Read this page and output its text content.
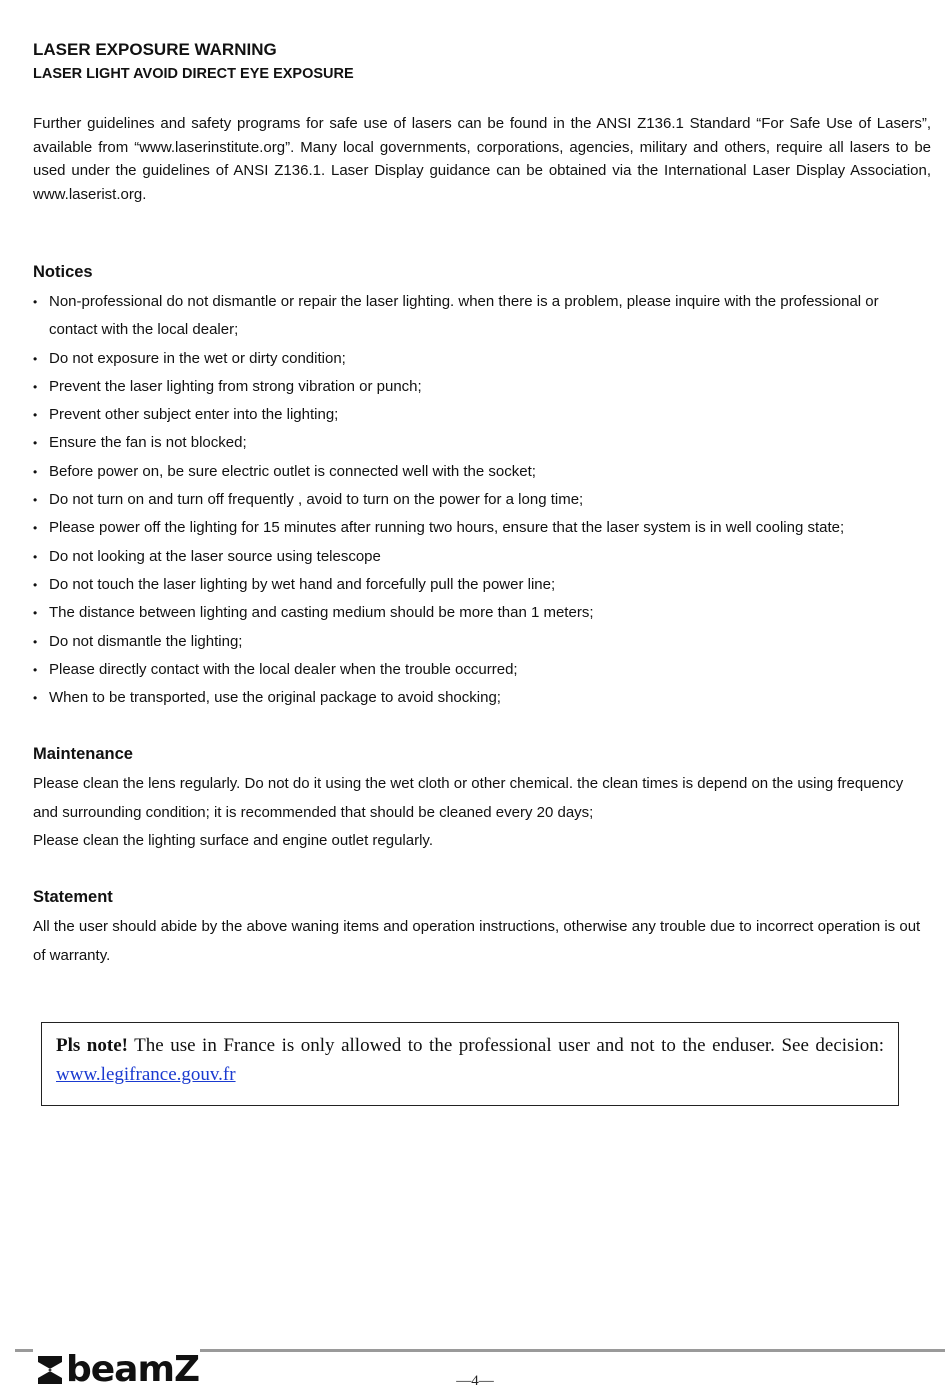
LASER EXPOSURE WARNING
LASER LIGHT AVOID DIRECT EYE EXPOSURE

Further guidelines and safety programs for safe use of lasers can be found in the ANSI Z136.1 Standard “For Safe Use of Lasers”, available from “www.laserinstitute.org”. Many local governments, corporations, agencies, military and others, require all lasers to be used under the guidelines of ANSI Z136.1. Laser Display guidance can be obtained via the International Laser Display Association, www.laserist.org.

Notices
• Non-professional do not dismantle or repair the laser lighting. when there is a problem, please inquire with the professional or contact with the local dealer;
• Do not exposure in the wet or dirty condition;
• Prevent the laser lighting from strong vibration or punch;
• Prevent other subject enter into the lighting;
• Ensure the fan is not blocked;
• Before power on, be sure electric outlet is connected well with the socket;
• Do not turn on and turn off frequently , avoid to turn on the power for a long time;
• Please power off the lighting for 15 minutes after running two hours, ensure that the laser system is in well cooling state;
• Do not looking at the laser source using telescope
• Do not touch the laser lighting by wet hand and forcefully pull the power line;
• The distance between lighting and casting medium should be more than 1 meters;
• Do not dismantle the lighting;
• Please directly contact with the local dealer when the trouble occurred;
• When to be transported, use the original package to avoid shocking;
Maintenance

Please clean the lens regularly. Do not do it using the wet cloth or other chemical. the clean times is depend on the using frequency and surrounding condition; it is recommended that should be cleaned every 20 days;

Please clean the lighting surface and engine outlet regularly.

Statement

All the user should abide by the above waning items and operation instructions, otherwise any trouble due to incorrect operation is out of warranty.

Pls note! The use in France is only allowed to the professional user and not to the enduser. See decision: www.legifrance.gouv.fr
beamZ	—4—
